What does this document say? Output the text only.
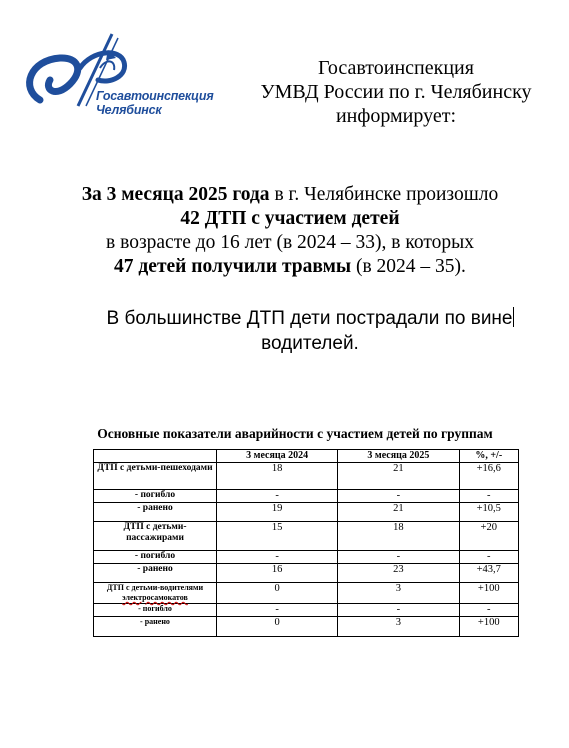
Госавтоинспекция
Челябинск
Госавтоинспекция
УМВД России по г. Челябинску
информирует:
За 3 месяца 2025 года в г. Челябинске произошло
42 ДТП с участием детей
в возрасте до 16 лет (в 2024 – 33), в которых
47 детей получили травмы (в 2024 – 35).
В большинстве ДТП дети пострадали по вине
водителей.
Основные показатели аварийности с участием детей по группам
	3 месяца 2024	3 месяца 2025	%, +/-
ДТП с детьми-пешеходами	18	21	+16,6
- погибло	-	-	-
- ранено	19	21	+10,5
ДТП с детьми-пассажирами	15	18	+20
- погибло	-	-	-
- ранено	16	23	+43,7
ДТП с детьми-водителями электросамокатов	0	3	+100
- погибло	-	-	-
- ранено	0	3	+100
